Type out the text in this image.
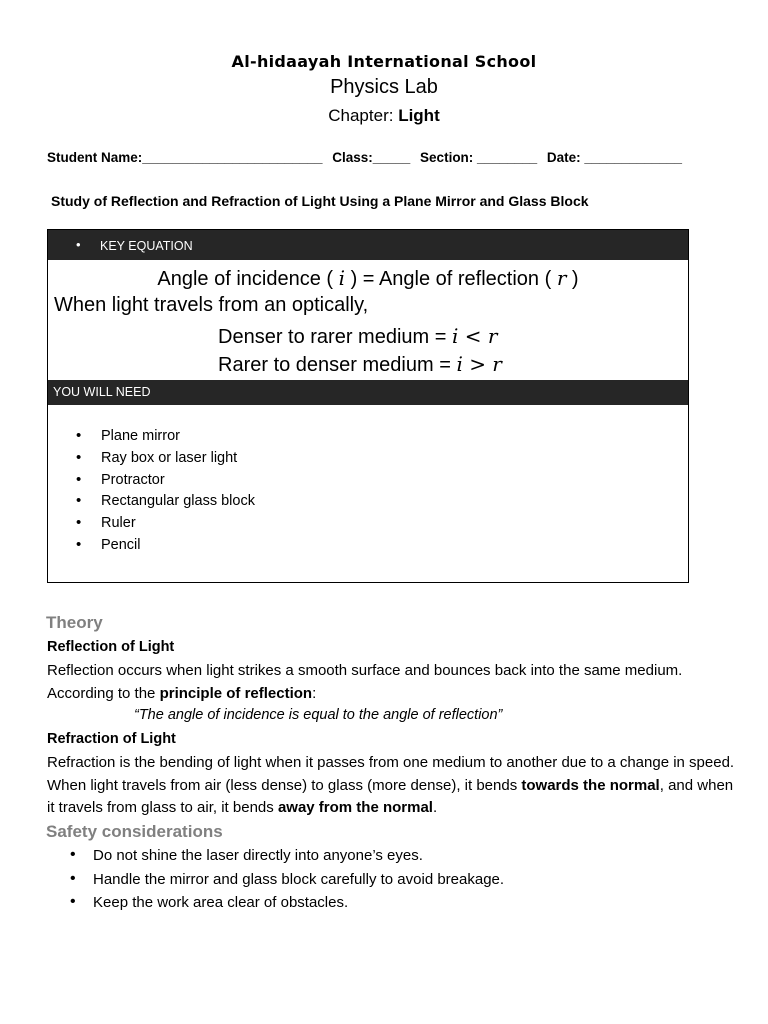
Al-hidaayah International School
Physics Lab
Chapter: Light
Student Name:________________________ Class:_____ Section: ________ Date: _____________
Study of Reflection and Refraction of Light Using a Plane Mirror and Glass Block
• KEY EQUATION
Angle of incidence ( i ) = Angle of reflection ( r )
When light travels from an optically,
Denser to rarer medium = i < r
Rarer to denser medium = i > r
YOU WILL NEED
• Plane mirror
• Ray box or laser light
• Protractor
• Rectangular glass block
• Ruler
• Pencil
Theory
Reflection of Light
Reflection occurs when light strikes a smooth surface and bounces back into the same medium. According to the principle of reflection:
“The angle of incidence is equal to the angle of reflection”
Refraction of Light
Refraction is the bending of light when it passes from one medium to another due to a change in speed. When light travels from air (less dense) to glass (more dense), it bends towards the normal, and when it travels from glass to air, it bends away from the normal.
Safety considerations
• Do not shine the laser directly into anyone’s eyes.
• Handle the mirror and glass block carefully to avoid breakage.
• Keep the work area clear of obstacles.
